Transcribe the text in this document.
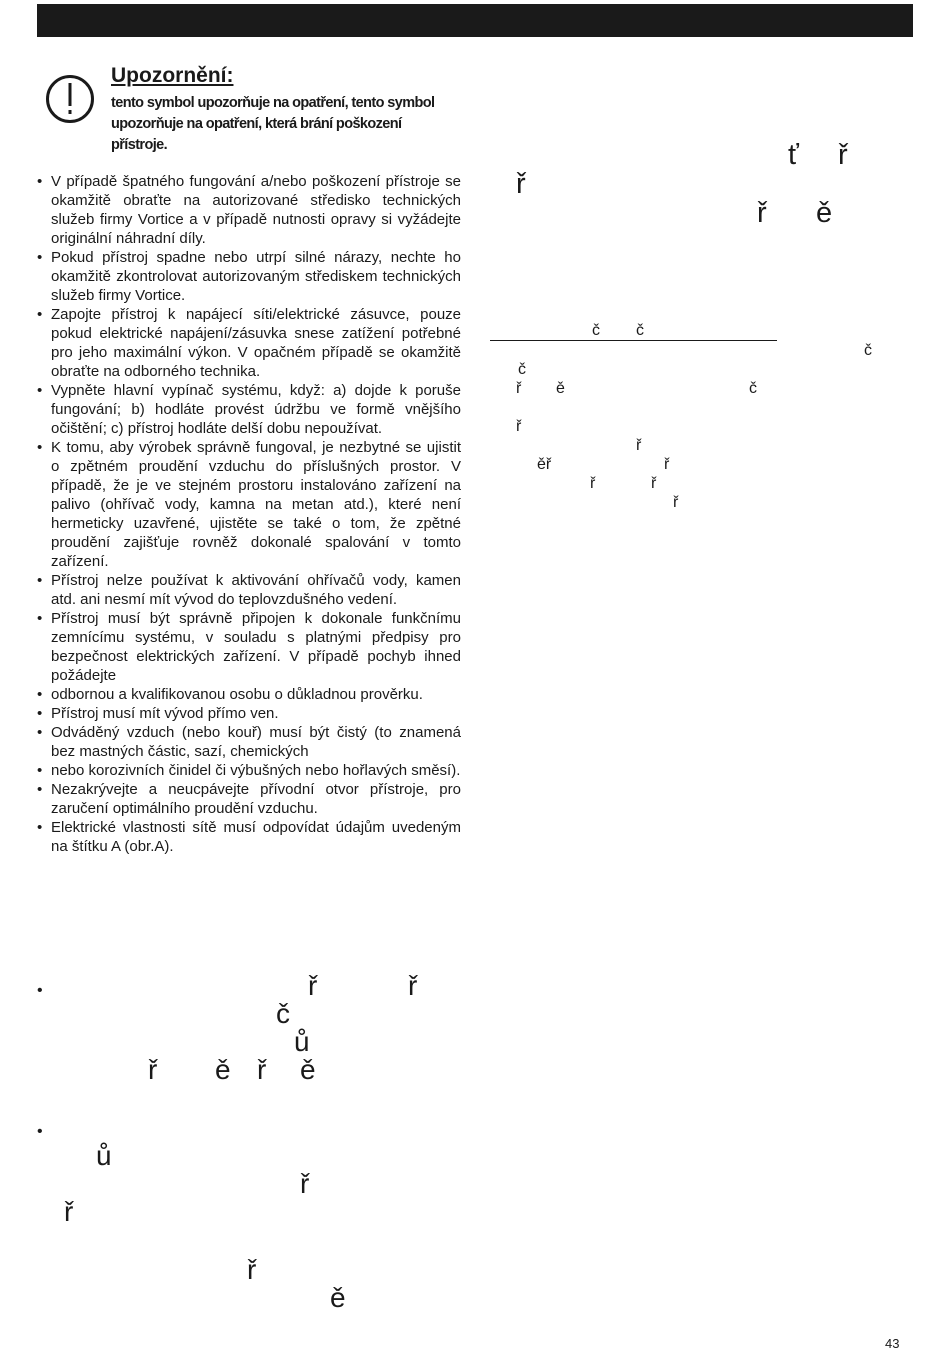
Upozornění:
tento symbol upozorňuje na opatření, tento symbol upozorňuje na opatření, která brání poškození přístroje.

• V případě špatného fungování a/nebo poškození přístroje se okamžitě obraťte na autorizované středisko technických služeb firmy Vortice a v případě nutnosti opravy si vyžádejte originální náhradní díly.

• Pokud přístroj spadne nebo utrpí silné nárazy, nechte ho okamžitě zkontrolovat autorizovaným střediskem technických služeb firmy Vortice.

• Zapojte přístroj k napájecí síti/elektrické zásuvce, pouze pokud elektrické napájení/zásuvka snese zatížení potřebné pro jeho maximální výkon. V opačném případě se okamžitě obraťte na odborného technika.

• Vypněte hlavní vypínač systému, když: a) dojde k poruše fungování; b) hodláte provést údržbu ve formě vnějšího očištění; c) přístroj hodláte delší dobu nepoužívat.

• K tomu, aby výrobek správně fungoval, je nezbytné se ujistit o zpětném proudění vzduchu do příslušných prostor. V případě, že je ve stejném prostoru instalováno zařízení na palivo (ohřívač vody, kamna na metan atd.), které není hermeticky uzavřené, ujistěte se také o tom, že zpětné proudění zajišťuje rovněž dokonalé spalování v tomto zařízení.

• Přístroj nelze používat k aktivování ohřívačů vody, kamen atd. ani nesmí mít vývod do teplovzdušného vedení.

• Přístroj musí být správně připojen k dokonale funkčnímu zemnícímu systému, v souladu s platnými předpisy pro bezpečnost elektrických zařízení. V případě pochyb ihned požádejte

• odbornou a kvalifikovanou osobu o důkladnou prověrku.

• Přístroj musí mít vývod přímo ven.

• Odváděný vzduch (nebo kouř) musí být čistý (to znamená bez mastných částic, sazí, chemických

• nebo korozivních činidel či výbušných nebo hořlavých směsí).

• Nezakrývejte a neucpávejte přívodní otvor přístroje, pro zaručení optimálního proudění vzduchu.

• Elektrické vlastnosti sítě musí odpovídat údajům uvedeným na štítku A (obr.A).

•	ř	ř
č
ů
ř ě ř ě
•
ů
ř
ř
ř
ě
ť ř
ř
ř ě
č č
č
č
ř ě	č
ř
ř
ěř	ř
ř	ř
ř
43
